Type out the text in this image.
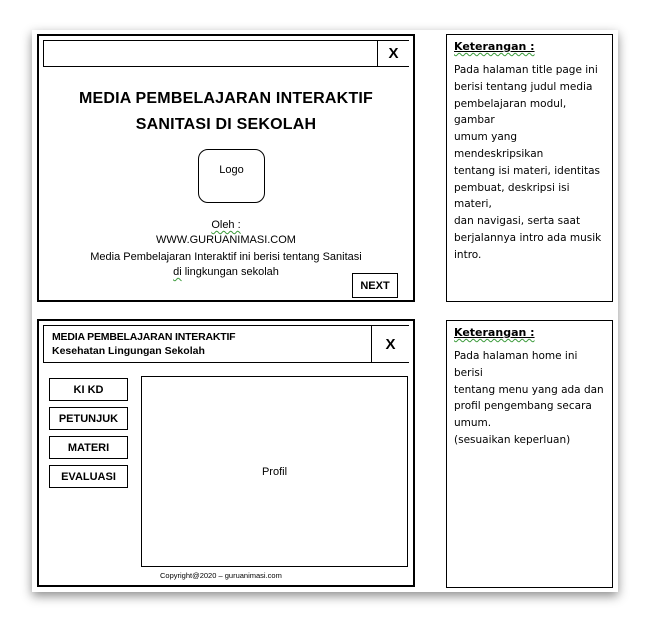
X
MEDIA PEMBELAJARAN INTERAKTIF
SANITASI DI SEKOLAH
Logo
Oleh :
WWW.GURUANIMASI.COM
Media Pembelajaran Interaktif ini berisi tentang Sanitasi
di lingkungan sekolah
NEXT
Keterangan :
Pada halaman title page ini
berisi tentang judul media
pembelajaran modul, gambar
umum yang mendeskripsikan
tentang isi materi, identitas
pembuat, deskripsi isi materi,
dan navigasi, serta saat
berjalannya intro ada musik
intro.
MEDIA PEMBELAJARAN INTERAKTIF
Kesehatan Lingungan Sekolah	X
KI KD
PETUNJUK
MATERI
EVALUASI	Profil
Copyright@2020 – guruanimasi.com
Keterangan :
Pada halaman home ini berisi
tentang menu yang ada dan
profil pengembang secara
umum.
(sesuaikan keperluan)
